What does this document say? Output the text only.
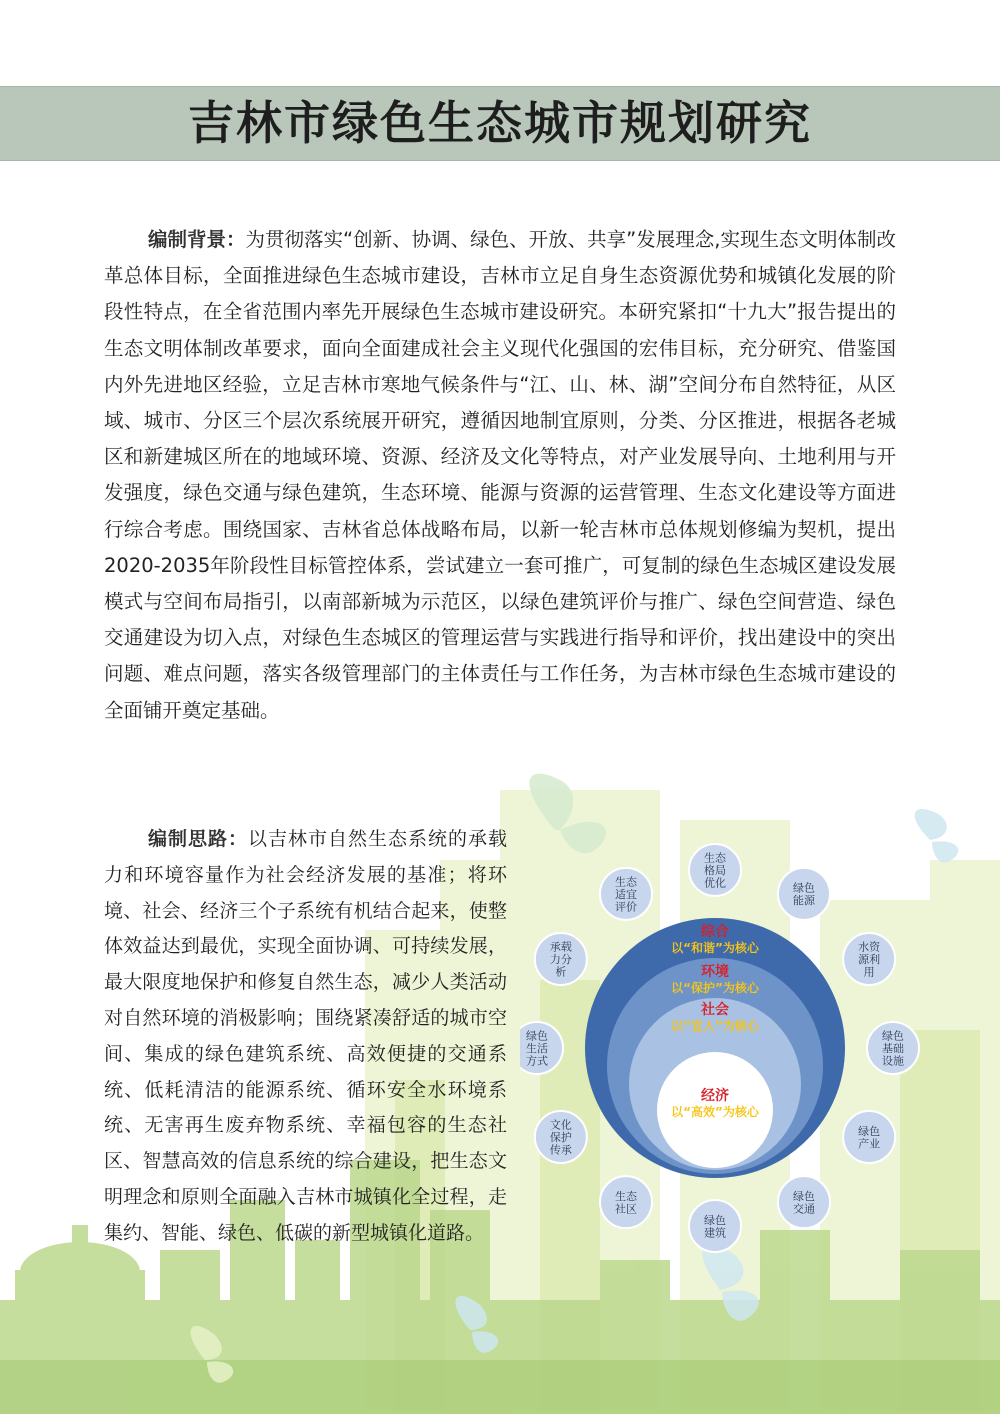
吉林市绿色生态城市规划研究

编制背景：为贯彻落实“创新、协调、绿色、开放、共享”发展理念,实现生态文明体制改革总体目标，全面推进绿色生态城市建设，吉林市立足自身生态资源优势和城镇化发展的阶段性特点，在全省范围内率先开展绿色生态城市建设研究。本研究紧扣“十九大”报告提出的生态文明体制改革要求，面向全面建成社会主义现代化强国的宏伟目标，充分研究、借鉴国内外先进地区经验，立足吉林市寒地气候条件与“江、山、林、湖”空间分布自然特征，从区域、城市、分区三个层次系统展开研究，遵循因地制宜原则，分类、分区推进，根据各老城区和新建城区所在的地域环境、资源、经济及文化等特点，对产业发展导向、土地利用与开发强度，绿色交通与绿色建筑，生态环境、能源与资源的运营管理、生态文化建设等方面进行综合考虑。围绕国家、吉林省总体战略布局，以新一轮吉林市总体规划修编为契机，提出2020-2035年阶段性目标管控体系，尝试建立一套可推广，可复制的绿色生态城区建设发展模式与空间布局指引，以南部新城为示范区，以绿色建筑评价与推广、绿色空间营造、绿色交通建设为切入点，对绿色生态城区的管理运营与实践进行指导和评价，找出建设中的突出问题、难点问题，落实各级管理部门的主体责任与工作任务，为吉林市绿色生态城市建设的全面铺开奠定基础。

编制思路：以吉林市自然生态系统的承载力和环境容量作为社会经济发展的基准；将环境、社会、经济三个子系统有机结合起来，使整体效益达到最优，实现全面协调、可持续发展，最大限度地保护和修复自然生态，减少人类活动对自然环境的消极影响；围绕紧凑舒适的城市空间、集成的绿色建筑系统、高效便捷的交通系统、低耗清洁的能源系统、循环安全水环境系统、无害再生废弃物系统、幸福包容的生态社区、智慧高效的信息系统的综合建设，把生态文明理念和原则全面融入吉林市城镇化全过程，走集约、智能、绿色、低碳的新型城镇化道路。

综合
以“和谐”为核心
环境
以“保护”为核心
社会
以“宜人”为核心
经济
以“高效”为核心
生态
格局
优化	绿色
能源
水资
源利
用
绿色
基础
设施
绿色
产业
绿色
交通
绿色
建筑
生态
社区
文化
保护
传承
绿色
生活
方式
承载
力分
析
生态
适宜
评价
